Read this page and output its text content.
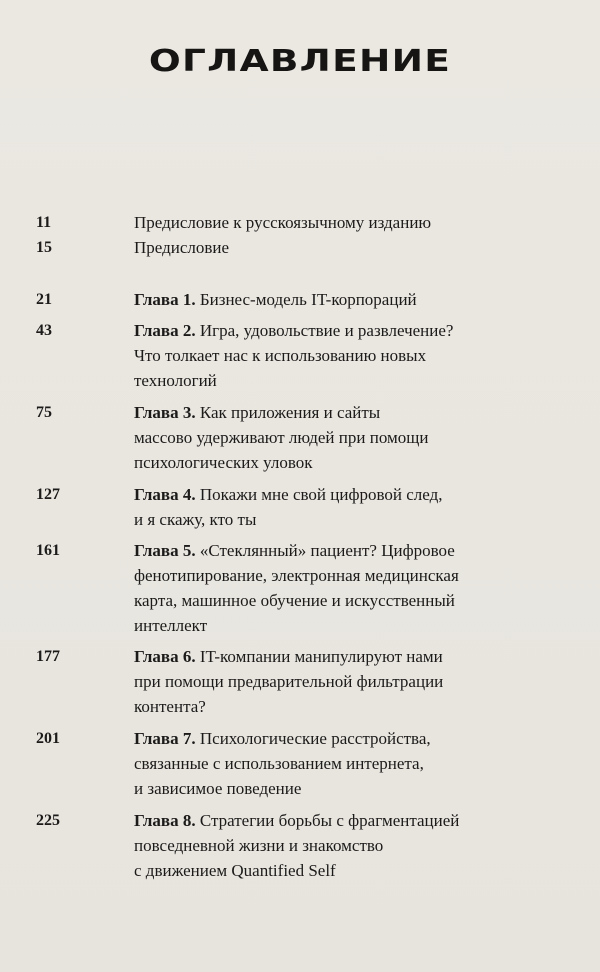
ОГЛАВЛЕНИЕ
11	Предисловие к русскоязычному изданию
15	Предисловие
21	Глава 1. Бизнес-модель IT-корпораций
43	Глава 2. Игра, удовольствие и развлечение?
Что толкает нас к использованию новых
технологий
75	Глава 3. Как приложения и сайты
массово удерживают людей при помощи
психологических уловок
127	Глава 4. Покажи мне свой цифровой след,
и я скажу, кто ты
161	Глава 5. «Стеклянный» пациент? Цифровое
фенотипирование, электронная медицинская
карта, машинное обучение и искусственный
интеллект
177	Глава 6. IT-компании манипулируют нами
при помощи предварительной фильтрации
контента?
201	Глава 7. Психологические расстройства,
связанные с использованием интернета,
и зависимое поведение
225	Глава 8. Стратегии борьбы с фрагментацией
повседневной жизни и знакомство
с движением Quantified Self
